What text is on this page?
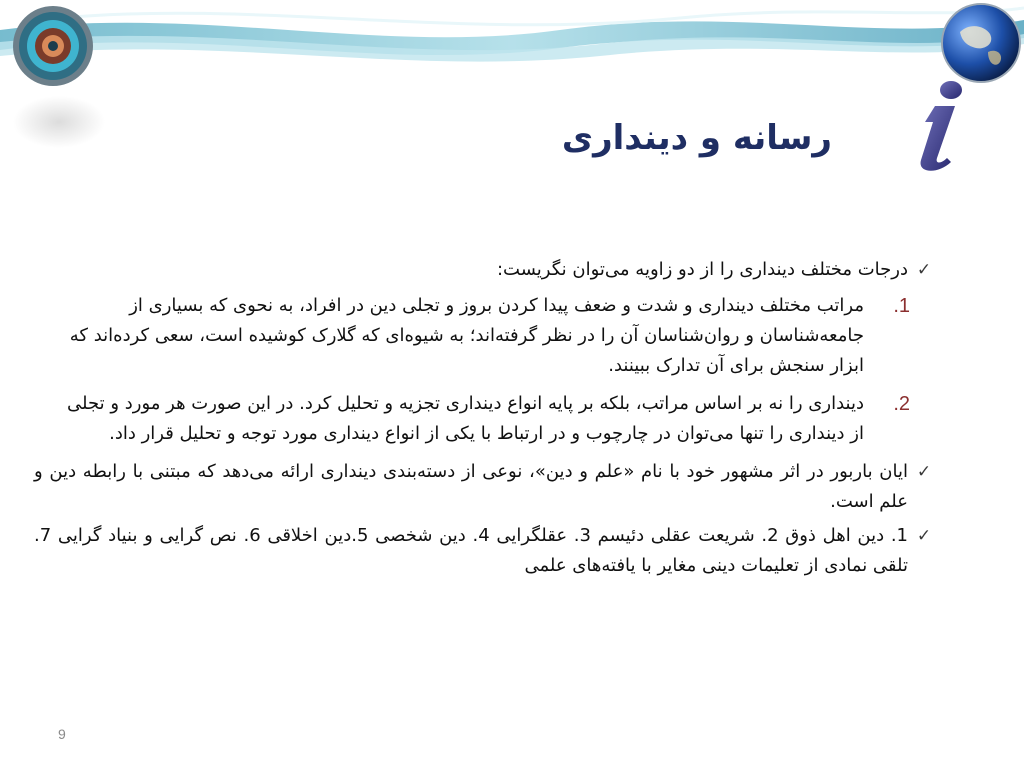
رسانه و دینداری
✓
درجات مختلف دینداری را از دو زاویه می‌توان نگریست:
.1
مراتب مختلف دینداری و شدت و ضعف پیدا کردن بروز و تجلی دین در افراد، به نحوی که بسیاری از جامعه‌شناسان و روان‌شناسان آن را در نظر گرفته‌اند؛ به شیوه‌ای که گلارک کوشیده است، سعی کرده‌اند که ابزار سنجش برای آن تدارک ببینند.
.2
دینداری را نه بر اساس مراتب، بلکه بر پایه انواع دینداری تجزیه و تحلیل کرد. در این صورت هر مورد و تجلی از دینداری را تنها می‌توان در چارچوب و در ارتباط با یکی از انواع دینداری مورد توجه و تحلیل قرار داد.
✓
ایان باربور در اثر مشهور خود با نام «علم و دین»، نوعی از دسته‌بندی دینداری ارائه می‌دهد که مبتنی با رابطه دین و علم است.
✓
1. دین اهل ذوق 2. شریعت عقلی دئیسم 3. عقلگرایی 4. دین شخصی 5.دین اخلاقی 6. نص گرایی و بنیاد گرایی 7. تلقی نمادی از تعلیمات دینی مغایر با یافته‌های علمی
9
